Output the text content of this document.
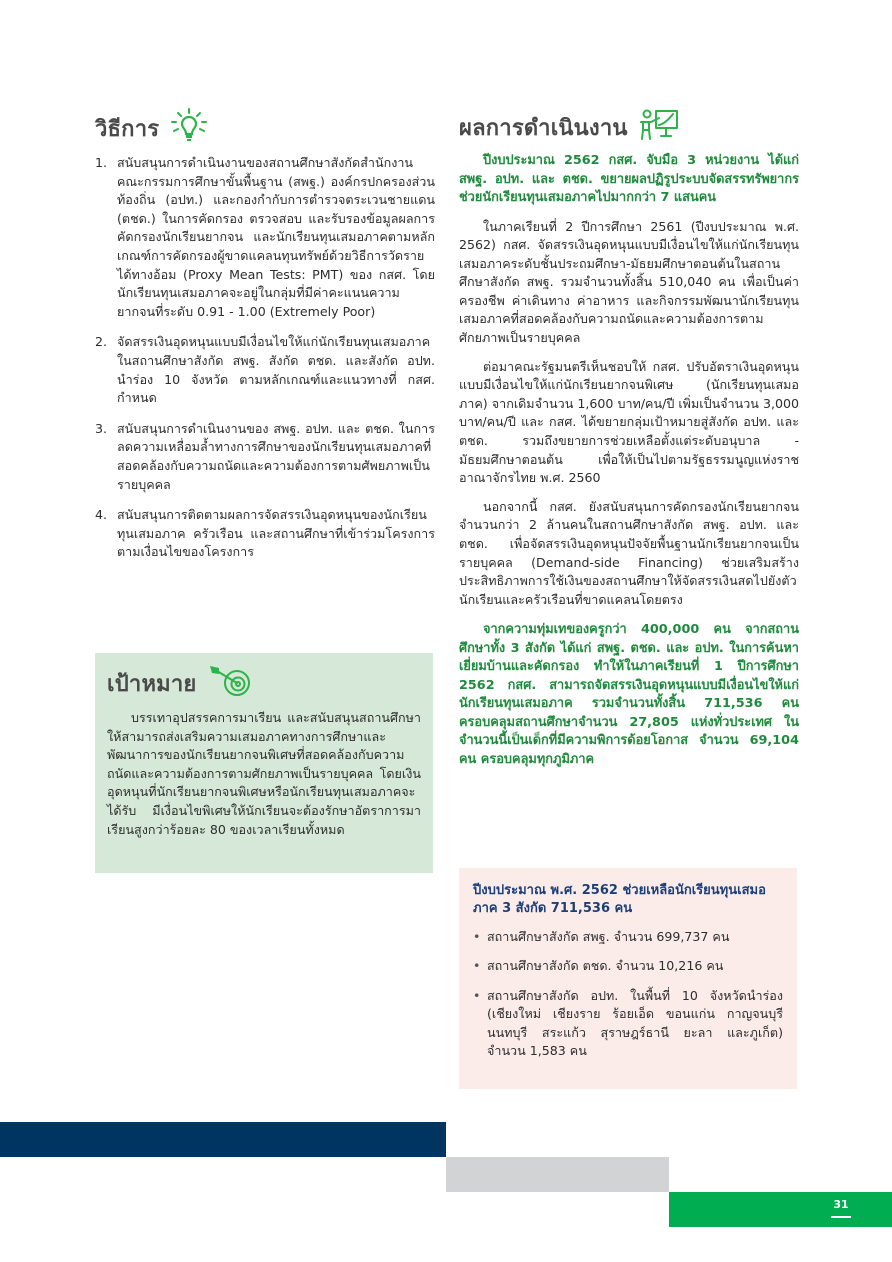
วิธีการ
1. สนับสนุนการดำเนินงานของสถานศึกษาสังกัดสำนักงานคณะกรรมการศึกษาขั้นพื้นฐาน (สพฐ.) องค์กรปกครองส่วนท้องถิ่น (อปท.) และกองกำกับการตำรวจตระเวนชายแดน (ตชด.) ในการคัดกรอง ตรวจสอบ และรับรองข้อมูลผลการคัดกรองนักเรียนยากจน และนักเรียนทุนเสมอภาคตามหลักเกณฑ์การคัดกรองผู้ขาดแคลนทุนทรัพย์ด้วยวิธีการวัดรายได้ทางอ้อม (Proxy Mean Tests: PMT) ของ กสศ. โดยนักเรียนทุนเสมอภาคจะอยู่ในกลุ่มที่มีค่าคะแนนความยากจนที่ระดับ 0.91 - 1.00 (Extremely Poor)
2. จัดสรรเงินอุดหนุนแบบมีเงื่อนไขให้แก่นักเรียนทุนเสมอภาคในสถานศึกษาสังกัด สพฐ. สังกัด ตชด. และสังกัด อปท. นำร่อง 10 จังหวัด ตามหลักเกณฑ์และแนวทางที่ กสศ. กำหนด
3. สนับสนุนการดำเนินงานของ สพฐ. อปท. และ ตชด. ในการลดความเหลื่อมล้ำทางการศึกษาของนักเรียนทุนเสมอภาคที่สอดคล้องกับความถนัดและความต้องการตามศัพยภาพเป็นรายบุคคล
4. สนับสนุนการติดตามผลการจัดสรรเงินอุดหนุนของนักเรียนทุนเสมอภาค ครัวเรือน และสถานศึกษาที่เข้าร่วมโครงการตามเงื่อนไขของโครงการ
เป้าหมาย

บรรเทาอุปสรรคการมาเรียน และสนับสนุนสถานศึกษาให้สามารถส่งเสริมความเสมอภาคทางการศึกษาและพัฒนาการของนักเรียนยากจนพิเศษที่สอดคล้องกับความถนัดและความต้องการตามศักยภาพเป็นรายบุคคล โดยเงินอุดหนุนที่นักเรียนยากจนพิเศษหรือนักเรียนทุนเสมอภาคจะได้รับ มีเงื่อนไขพิเศษให้นักเรียนจะต้องรักษาอัตราการมาเรียนสูงกว่าร้อยละ 80 ของเวลาเรียนทั้งหมด

ผลการดำเนินงาน

ปีงบประมาณ 2562 กสศ. จับมือ 3 หน่วยงาน ได้แก่ สพฐ. อปท. และ ตชด. ขยายผลปฏิรูประบบจัดสรรทรัพยากร ช่วยนักเรียนทุนเสมอภาคไปมากกว่า 7 แสนคน

ในภาคเรียนที่ 2 ปีการศึกษา 2561 (ปีงบประมาณ พ.ศ. 2562) กสศ. จัดสรรเงินอุดหนุนแบบมีเงื่อนไขให้แก่นักเรียนทุนเสมอภาคระดับชั้นประถมศึกษา-มัธยมศึกษาตอนต้นในสถานศึกษาสังกัด สพฐ. รวมจำนวนทั้งสิ้น 510,040 คน เพื่อเป็นค่าครองชีพ ค่าเดินทาง ค่าอาหาร และกิจกรรมพัฒนานักเรียนทุนเสมอภาคที่สอดคล้องกับความถนัดและความต้องการตามศักยภาพเป็นรายบุคคล

ต่อมาคณะรัฐมนตรีเห็นชอบให้ กสศ. ปรับอัตราเงินอุดหนุนแบบมีเงื่อนไขให้แก่นักเรียนยากจนพิเศษ (นักเรียนทุนเสมอภาค) จากเดิมจำนวน 1,600 บาท/คน/ปี เพิ่มเป็นจำนวน 3,000 บาท/คน/ปี และ กสศ. ได้ขยายกลุ่มเป้าหมายสู่สังกัด อปท. และ ตชด. รวมถึงขยายการช่วยเหลือตั้งแต่ระดับอนุบาล - มัธยมศึกษาตอนต้น เพื่อให้เป็นไปตามรัฐธรรมนูญแห่งราชอาณาจักรไทย พ.ศ. 2560

นอกจากนี้ กสศ. ยังสนับสนุนการคัดกรองนักเรียนยากจนจำนวนกว่า 2 ล้านคนในสถานศึกษาสังกัด สพฐ. อปท. และ ตชด. เพื่อจัดสรรเงินอุดหนุนปัจจัยพื้นฐานนักเรียนยากจนเป็นรายบุคคล (Demand-side Financing) ช่วยเสริมสร้างประสิทธิภาพการใช้เงินของสถานศึกษาให้จัดสรรเงินสดไปยังตัวนักเรียนและครัวเรือนที่ขาดแคลนโดยตรง

จากความทุ่มเทของครูกว่า 400,000 คน จากสถานศึกษาทั้ง 3 สังกัด ได้แก่ สพฐ. ตชด. และ อปท. ในการค้นหาเยี่ยมบ้านและคัดกรอง ทำให้ในภาคเรียนที่ 1 ปีการศึกษา 2562 กสศ. สามารถจัดสรรเงินอุดหนุนแบบมีเงื่อนไขให้แก่นักเรียนทุนเสมอภาค รวมจำนวนทั้งสิ้น 711,536 คน ครอบคลุมสถานศึกษาจำนวน 27,805 แห่งทั่วประเทศ ในจำนวนนี้เป็นเด็กที่มีความพิการด้อยโอกาส จำนวน 69,104 คน ครอบคลุมทุกภูมิภาค

ปีงบประมาณ พ.ศ. 2562 ช่วยเหลือนักเรียนทุนเสมอภาค 3 สังกัด 711,536 คน
• สถานศึกษาสังกัด สพฐ. จำนวน 699,737 คน
• สถานศึกษาสังกัด ตชด. จำนวน 10,216 คน
• สถานศึกษาสังกัด อปท. ในพื้นที่ 10 จังหวัดนำร่อง (เชียงใหม่ เชียงราย ร้อยเอ็ด ขอนแก่น กาญจนบุรี นนทบุรี สระแก้ว สุราษฎร์ธานี ยะลา และภูเก็ต) จำนวน 1,583 คน
31
